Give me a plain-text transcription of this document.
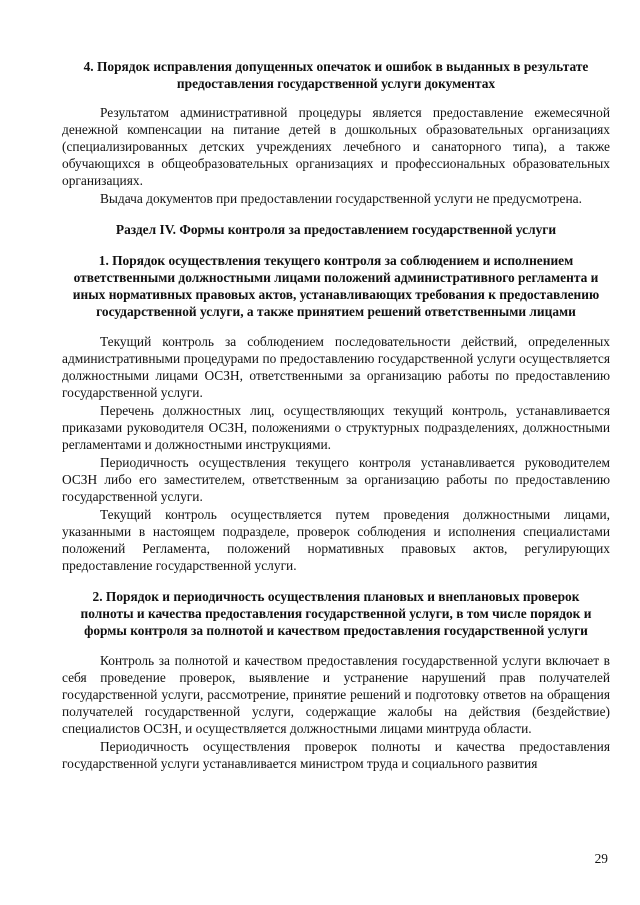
4. Порядок исправления допущенных опечаток и ошибок в выданных в результате предоставления государственной услуги документах

Результатом административной процедуры является предоставление ежемесячной денежной компенсации на питание детей в дошкольных образовательных организациях (специализированных детских учреждениях лечебного и санаторного типа), а также обучающихся в общеобразовательных организациях и профессиональных образовательных организациях.

Выдача документов при предоставлении государственной услуги не предусмотрена.

Раздел IV. Формы контроля за предоставлением государственной услуги
1. Порядок осуществления текущего контроля за соблюдением и исполнением ответственными должностными лицами положений административного регламента и иных нормативных правовых актов, устанавливающих требования к предоставлению государственной услуги, а также принятием решений ответственными лицами

Текущий контроль за соблюдением последовательности действий, определенных административными процедурами по предоставлению государственной услуги осуществляется должностными лицами ОСЗН, ответственными за организацию работы по предоставлению государственной услуги.

Перечень должностных лиц, осуществляющих текущий контроль, устанавливается приказами руководителя ОСЗН, положениями о структурных подразделениях, должностными регламентами и должностными инструкциями.

Периодичность осуществления текущего контроля устанавливается руководителем ОСЗН либо его заместителем, ответственным за организацию работы по предоставлению государственной услуги.

Текущий контроль осуществляется путем проведения должностными лицами, указанными в настоящем подразделе, проверок соблюдения и исполнения специалистами положений Регламента, положений нормативных правовых актов, регулирующих предоставление государственной услуги.

2. Порядок и периодичность осуществления плановых и внеплановых проверок полноты и качества предоставления государственной услуги, в том числе порядок и формы контроля за полнотой и качеством предоставления государственной услуги

Контроль за полнотой и качеством предоставления государственной услуги включает в себя проведение проверок, выявление и устранение нарушений прав получателей государственной услуги, рассмотрение, принятие решений и подготовку ответов на обращения получателей государственной услуги, содержащие жалобы на действия (бездействие) специалистов ОСЗН, и осуществляется должностными лицами минтруда области.

Периодичность осуществления проверок полноты и качества предоставления государственной услуги устанавливается министром труда и социального развития

29
